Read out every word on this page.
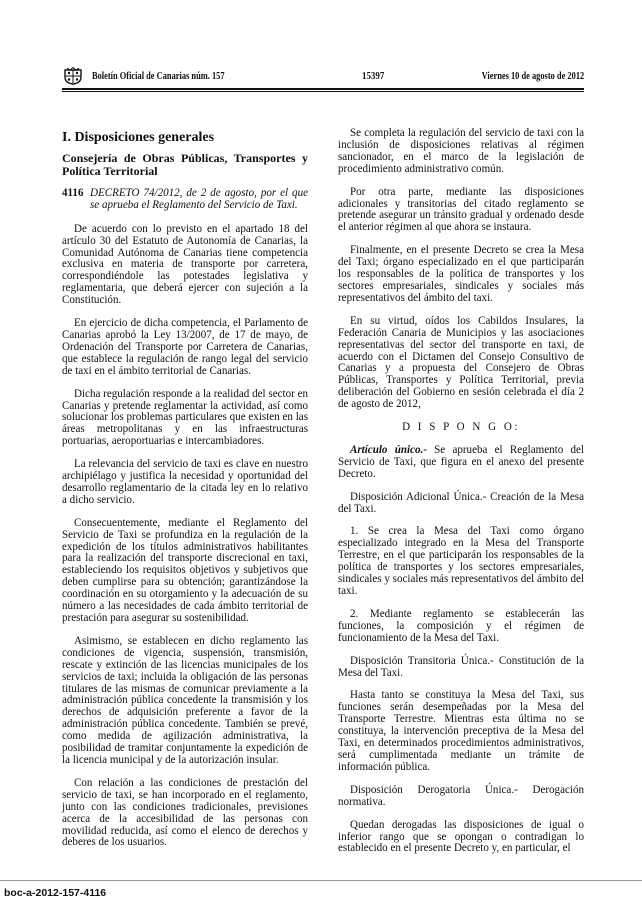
Boletín Oficial de Canarias núm. 157	15397	Viernes 10 de agosto de 2012
I. Disposiciones generales
Consejería de Obras Públicas, Transportes y Política Territorial
4116 DECRETO 74/2012, de 2 de agosto, por el que se aprueba el Reglamento del Servicio de Taxi.

De acuerdo con lo previsto en el apartado 18 del artículo 30 del Estatuto de Autonomía de Canarias, la Comunidad Autónoma de Canarias tiene competencia exclusiva en materia de transporte por carretera, correspondiéndole las potestades legislativa y reglamentaria, que deberá ejercer con sujeción a la Constitución.

En ejercicio de dicha competencia, el Parlamento de Canarias aprobó la Ley 13/2007, de 17 de mayo, de Ordenación del Transporte por Carretera de Canarias, que establece la regulación de rango legal del servicio de taxi en el ámbito territorial de Canarias.

Dicha regulación responde a la realidad del sector en Canarias y pretende reglamentar la actividad, así como solucionar los problemas particulares que existen en las áreas metropolitanas y en las infraestructuras portuarias, aeroportuarias e intercambiadores.

La relevancia del servicio de taxi es clave en nuestro archipiélago y justifica la necesidad y oportunidad del desarrollo reglamentario de la citada ley en lo relativo a dicho servicio.

Consecuentemente, mediante el Reglamento del Servicio de Taxi se profundiza en la regulación de la expedición de los títulos administrativos habilitantes para la realización del transporte discrecional en taxi, estableciendo los requisitos objetivos y subjetivos que deben cumplirse para su obtención; garantizándose la coordinación en su otorgamiento y la adecuación de su número a las necesidades de cada ámbito territorial de prestación para asegurar su sostenibilidad.

Asimismo, se establecen en dicho reglamento las condiciones de vigencia, suspensión, transmisión, rescate y extinción de las licencias municipales de los servicios de taxi; incluida la obligación de las personas titulares de las mismas de comunicar previamente a la administración pública concedente la transmisión y los derechos de adquisición preferente a favor de la administración pública concedente. También se prevé, como medida de agilización administrativa, la posibilidad de tramitar conjuntamente la expedición de la licencia municipal y de la autorización insular.

Con relación a las condiciones de prestación del servicio de taxi, se han incorporado en el reglamento, junto con las condiciones tradicionales, previsiones acerca de la accesibilidad de las personas con movilidad reducida, así como el elenco de derechos y deberes de los usuarios.

Se completa la regulación del servicio de taxi con la inclusión de disposiciones relativas al régimen sancionador, en el marco de la legislación de procedimiento administrativo común.

Por otra parte, mediante las disposiciones adicionales y transitorias del citado reglamento se pretende asegurar un tránsito gradual y ordenado desde el anterior régimen al que ahora se instaura.

Finalmente, en el presente Decreto se crea la Mesa del Taxi; órgano especializado en el que participarán los responsables de la política de transportes y los sectores empresariales, sindicales y sociales más representativos del ámbito del taxi.

En su virtud, oídos los Cabildos Insulares, la Federación Canaria de Municipios y las asociaciones representativas del sector del transporte en taxi, de acuerdo con el Dictamen del Consejo Consultivo de Canarias y a propuesta del Consejero de Obras Públicas, Transportes y Política Territorial, previa deliberación del Gobierno en sesión celebrada el día 2 de agosto de 2012,

D I S P O N G O:

Artículo único.- Se aprueba el Reglamento del Servicio de Taxi, que figura en el anexo del presente Decreto.

Disposición Adicional Única.- Creación de la Mesa del Taxi.

1. Se crea la Mesa del Taxi como órgano especializado integrado en la Mesa del Transporte Terrestre, en el que participarán los responsables de la política de transportes y los sectores empresariales, sindicales y sociales más representativos del ámbito del taxi.

2. Mediante reglamento se establecerán las funciones, la composición y el régimen de funcionamiento de la Mesa del Taxi.

Disposición Transitoria Única.- Constitución de la Mesa del Taxi.

Hasta tanto se constituya la Mesa del Taxi, sus funciones serán desempeñadas por la Mesa del Transporte Terrestre. Mientras esta última no se constituya, la intervención preceptiva de la Mesa del Taxi, en determinados procedimientos administrativos, será cumplimentada mediante un trámite de información pública.

Disposición Derogatoria Única.- Derogación normativa.

Quedan derogadas las disposiciones de igual o inferior rango que se opongan o contradigan lo establecido en el presente Decreto y, en particular, el

boc-a-2012-157-4116
